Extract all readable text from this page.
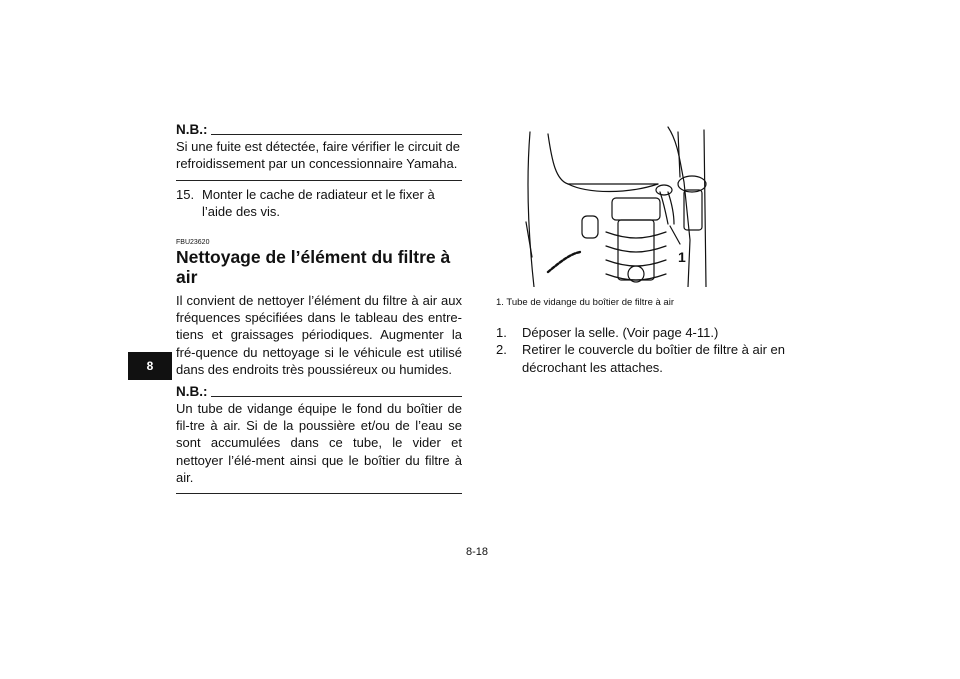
8
N.B.:

Si une fuite est détectée, faire vérifier le circuit de refroidissement par un concessionnaire Yamaha.

15. Monter le cache de radiateur et le fixer à l’aide des vis.
FBU23620
Nettoyage de l’élément du filtre à air

Il convient de nettoyer l’élément du filtre à air aux fréquences spécifiées dans le tableau des entre-tiens et graissages périodiques. Augmenter la fré-quence du nettoyage si le véhicule est utilisé dans des endroits très poussiéreux ou humides.

N.B.:

Un tube de vidange équipe le fond du boîtier de fil-tre à air. Si de la poussière et/ou de l’eau se sont accumulées dans ce tube, le vider et nettoyer l’élé-ment ainsi que le boîtier du filtre à air.

1
1. Tube de vidange du boîtier de filtre à air
1.	Déposer la selle. (Voir page 4-11.)
2.	Retirer le couvercle du boîtier de filtre à air en décrochant les attaches.
8-18
